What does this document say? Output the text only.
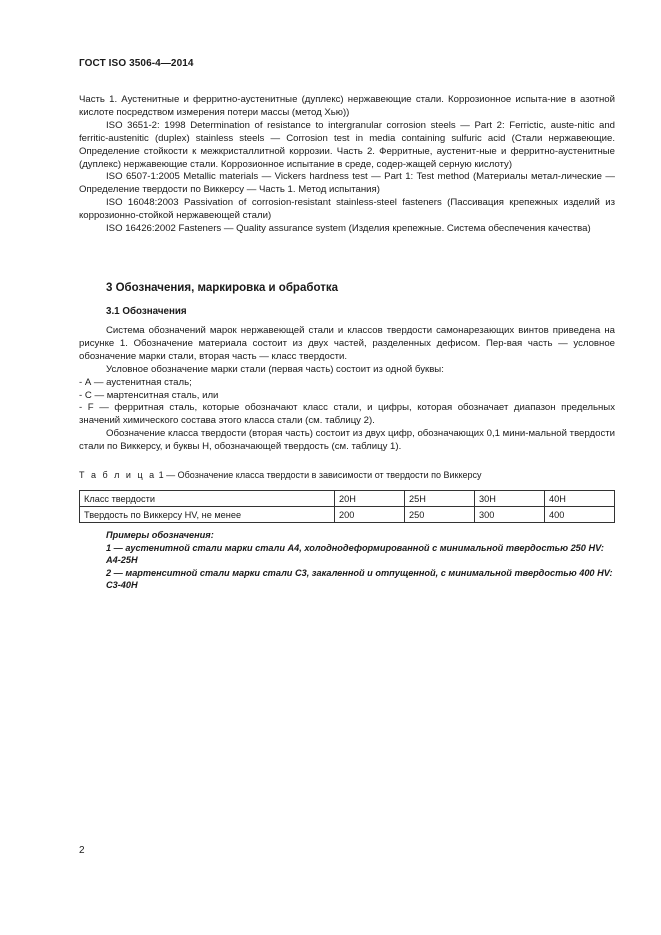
ГОСТ ISO 3506-4—2014

Часть 1. Аустенитные и ферритно-аустенитные (дуплекс) нержавеющие стали. Коррозионное испыта-ние в азотной кислоте посредством измерения потери массы (метод Хью))

ISO 3651-2: 1998 Determination of resistance to intergranular corrosion steels — Part 2: Ferrictic, auste-nitic and ferritic-austenitic (duplex) stainless steels — Corrosion test in media containing sulfuric acid (Стали нержавеющие. Определение стойкости к межкристаллитной коррозии. Часть 2. Ферритные, аустенит-ные и ферритно-аустенитные (дуплекс) нержавеющие стали. Коррозионное испытание в среде, содер-жащей серную кислоту)

ISO 6507-1:2005 Metallic materials — Vickers hardness test — Part 1: Test method (Материалы метал-лические — Определение твердости по Виккерсу — Часть 1. Метод испытания)

ISO 16048:2003 Passivation of corrosion-resistant stainless-steel fasteners (Пассивация крепежных изделий из коррозионно-стойкой нержавеющей стали)

ISO 16426:2002 Fasteners — Quality assurance system (Изделия крепежные. Система обеспечения качества)

3 Обозначения, маркировка и обработка
3.1 Обозначения

Система обозначений марок нержавеющей стали и классов твердости самонарезающих винтов приведена на рисунке 1. Обозначение материала состоит из двух частей, разделенных дефисом. Пер-вая часть — условное обозначение марки стали, вторая часть — класс твердости.

Условное обозначение марки стали (первая часть) состоит из одной буквы:

- А — аустенитная сталь;

- С — мартенситная сталь, или

- F — ферритная сталь, которые обозначают класс стали, и цифры, которая обозначает диапазон предельных значений химического состава этого класса стали (см. таблицу 2).

Обозначение класса твердости (вторая часть) состоит из двух цифр, обозначающих 0,1 мини-мальной твердости стали по Виккерсу, и буквы Н, обозначающей твердость (см. таблицу 1).

Т а б л и ц а 1 — Обозначение класса твердости в зависимости от твердости по Виккерсу
Класс твердости	20H	25H	30H	40H
Твердость по Виккерсу HV, не менее	200	250	300	400

Примеры обозначения:

1 — аустенитной стали марки стали А4, холоднодеформированной с минимальной твердостью 250 HV:

A4-25H

2 — мартенситной стали марки стали С3, закаленной и отпущенной, с минимальной твердостью 400 HV:

C3-40H

2
